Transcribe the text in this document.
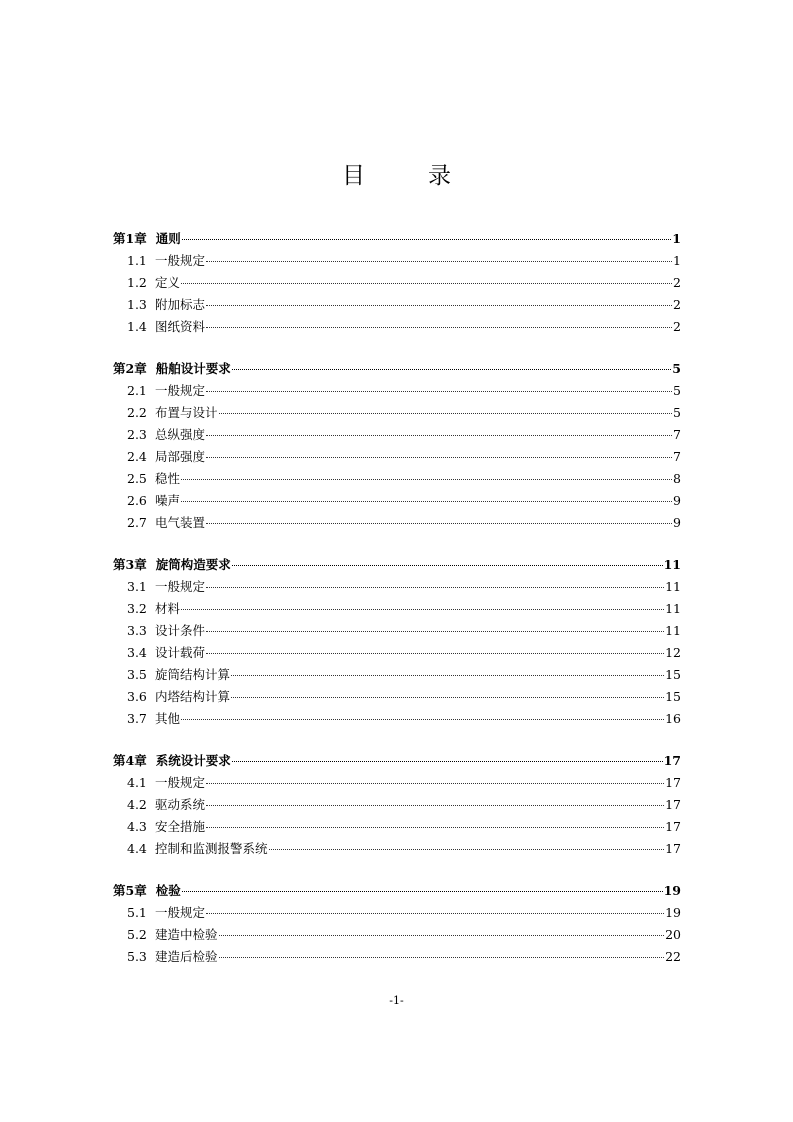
目　录
第1章 通则	1
1.1 一般规定	1
1.2 定义	2
1.3 附加标志	2
1.4 图纸资料	2
第2章 船舶设计要求	5
2.1 一般规定	5
2.2 布置与设计	5
2.3 总纵强度	7
2.4 局部强度	7
2.5 稳性	8
2.6 噪声	9
2.7 电气装置	9
第3章 旋筒构造要求	11
3.1 一般规定	11
3.2 材料	11
3.3 设计条件	11
3.4 设计载荷	12
3.5 旋筒结构计算	15
3.6 内塔结构计算	15
3.7 其他	16
第4章 系统设计要求	17
4.1 一般规定	17
4.2 驱动系统	17
4.3 安全措施	17
4.4 控制和监测报警系统	17
第5章 检验	19
5.1 一般规定	19
5.2 建造中检验	20
5.3 建造后检验	22
-1-
